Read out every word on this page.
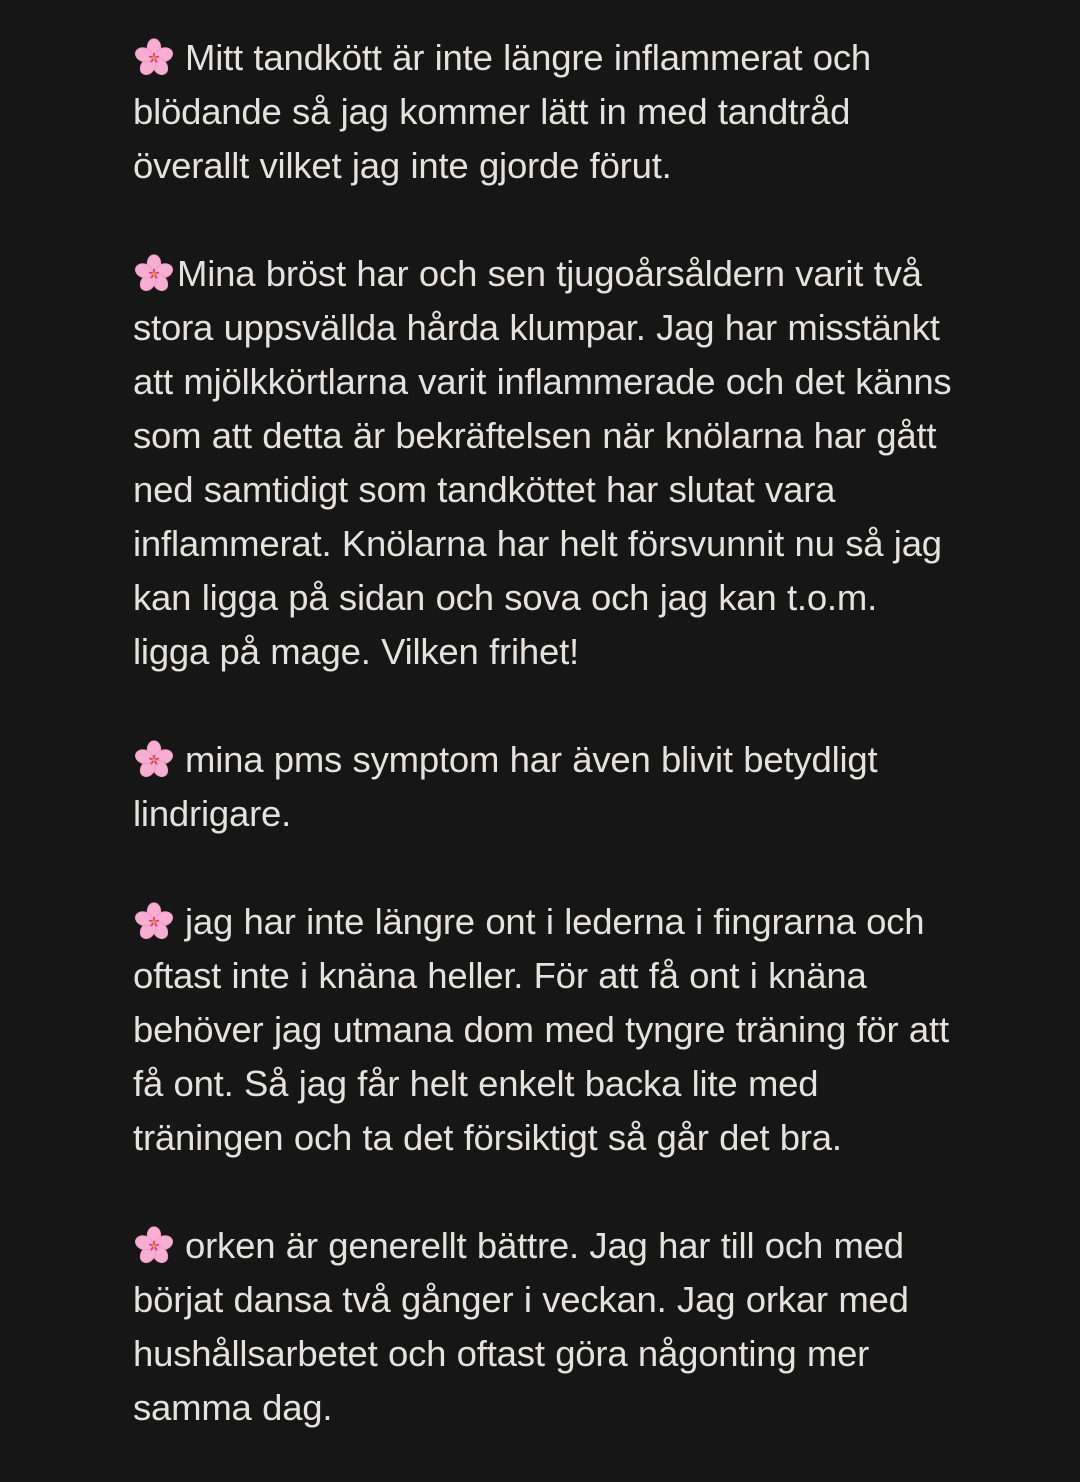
Mitt tandkött är inte längre inflammerat och blödande så jag kommer lätt in med tandtråd överallt vilket jag inte gjorde förut.

Mina bröst har och sen tjugoårsåldern varit två stora uppsvällda hårda klumpar. Jag har misstänkt att mjölkkörtlarna varit inflammerade och det känns som att detta är bekräftelsen när knölarna har gått ned samtidigt som tandköttet har slutat vara inflammerat. Knölarna har helt försvunnit nu så jag kan ligga på sidan och sova och jag kan t.o.m. ligga på mage. Vilken frihet!

mina pms symptom har även blivit betydligt lindrigare.

jag har inte längre ont i lederna i fingrarna och oftast inte i knäna heller. För att få ont i knäna behöver jag utmana dom med tyngre träning för att få ont. Så jag får helt enkelt backa lite med träningen och ta det försiktigt så går det bra.

orken är generellt bättre. Jag har till och med börjat dansa två gånger i veckan. Jag orkar med hushållsarbetet och oftast göra någonting mer samma dag.
